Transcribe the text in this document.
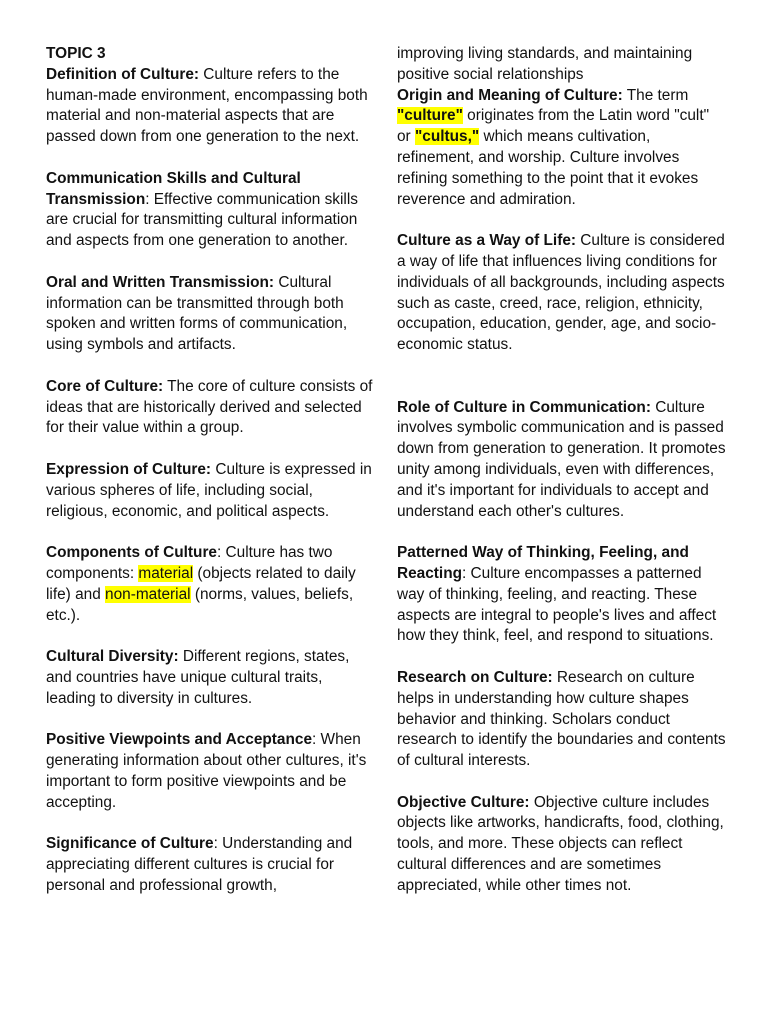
TOPIC 3

Definition of Culture: Culture refers to the human-made environment, encompassing both material and non-material aspects that are passed down from one generation to the next.

Communication Skills and Cultural Transmission: Effective communication skills are crucial for transmitting cultural information and aspects from one generation to another.

Oral and Written Transmission: Cultural information can be transmitted through both spoken and written forms of communication, using symbols and artifacts.

Core of Culture: The core of culture consists of ideas that are historically derived and selected for their value within a group.

Expression of Culture: Culture is expressed in various spheres of life, including social, religious, economic, and political aspects.

Components of Culture: Culture has two components: material (objects related to daily life) and non-material (norms, values, beliefs, etc.).

Cultural Diversity: Different regions, states, and countries have unique cultural traits, leading to diversity in cultures.

Positive Viewpoints and Acceptance: When generating information about other cultures, it's important to form positive viewpoints and be accepting.

Significance of Culture: Understanding and appreciating different cultures is crucial for personal and professional growth,

improving living standards, and maintaining positive social relationships

Origin and Meaning of Culture: The term "culture" originates from the Latin word "cult" or "cultus," which means cultivation, refinement, and worship. Culture involves refining something to the point that it evokes reverence and admiration.

Culture as a Way of Life: Culture is considered a way of life that influences living conditions for individuals of all backgrounds, including aspects such as caste, creed, race, religion, ethnicity, occupation, education, gender, age, and socio-economic status.

Role of Culture in Communication: Culture involves symbolic communication and is passed down from generation to generation. It promotes unity among individuals, even with differences, and it's important for individuals to accept and understand each other's cultures.

Patterned Way of Thinking, Feeling, and Reacting: Culture encompasses a patterned way of thinking, feeling, and reacting. These aspects are integral to people's lives and affect how they think, feel, and respond to situations.

Research on Culture: Research on culture helps in understanding how culture shapes behavior and thinking. Scholars conduct research to identify the boundaries and contents of cultural interests.

Objective Culture: Objective culture includes objects like artworks, handicrafts, food, clothing, tools, and more. These objects can reflect cultural differences and are sometimes appreciated, while other times not.
